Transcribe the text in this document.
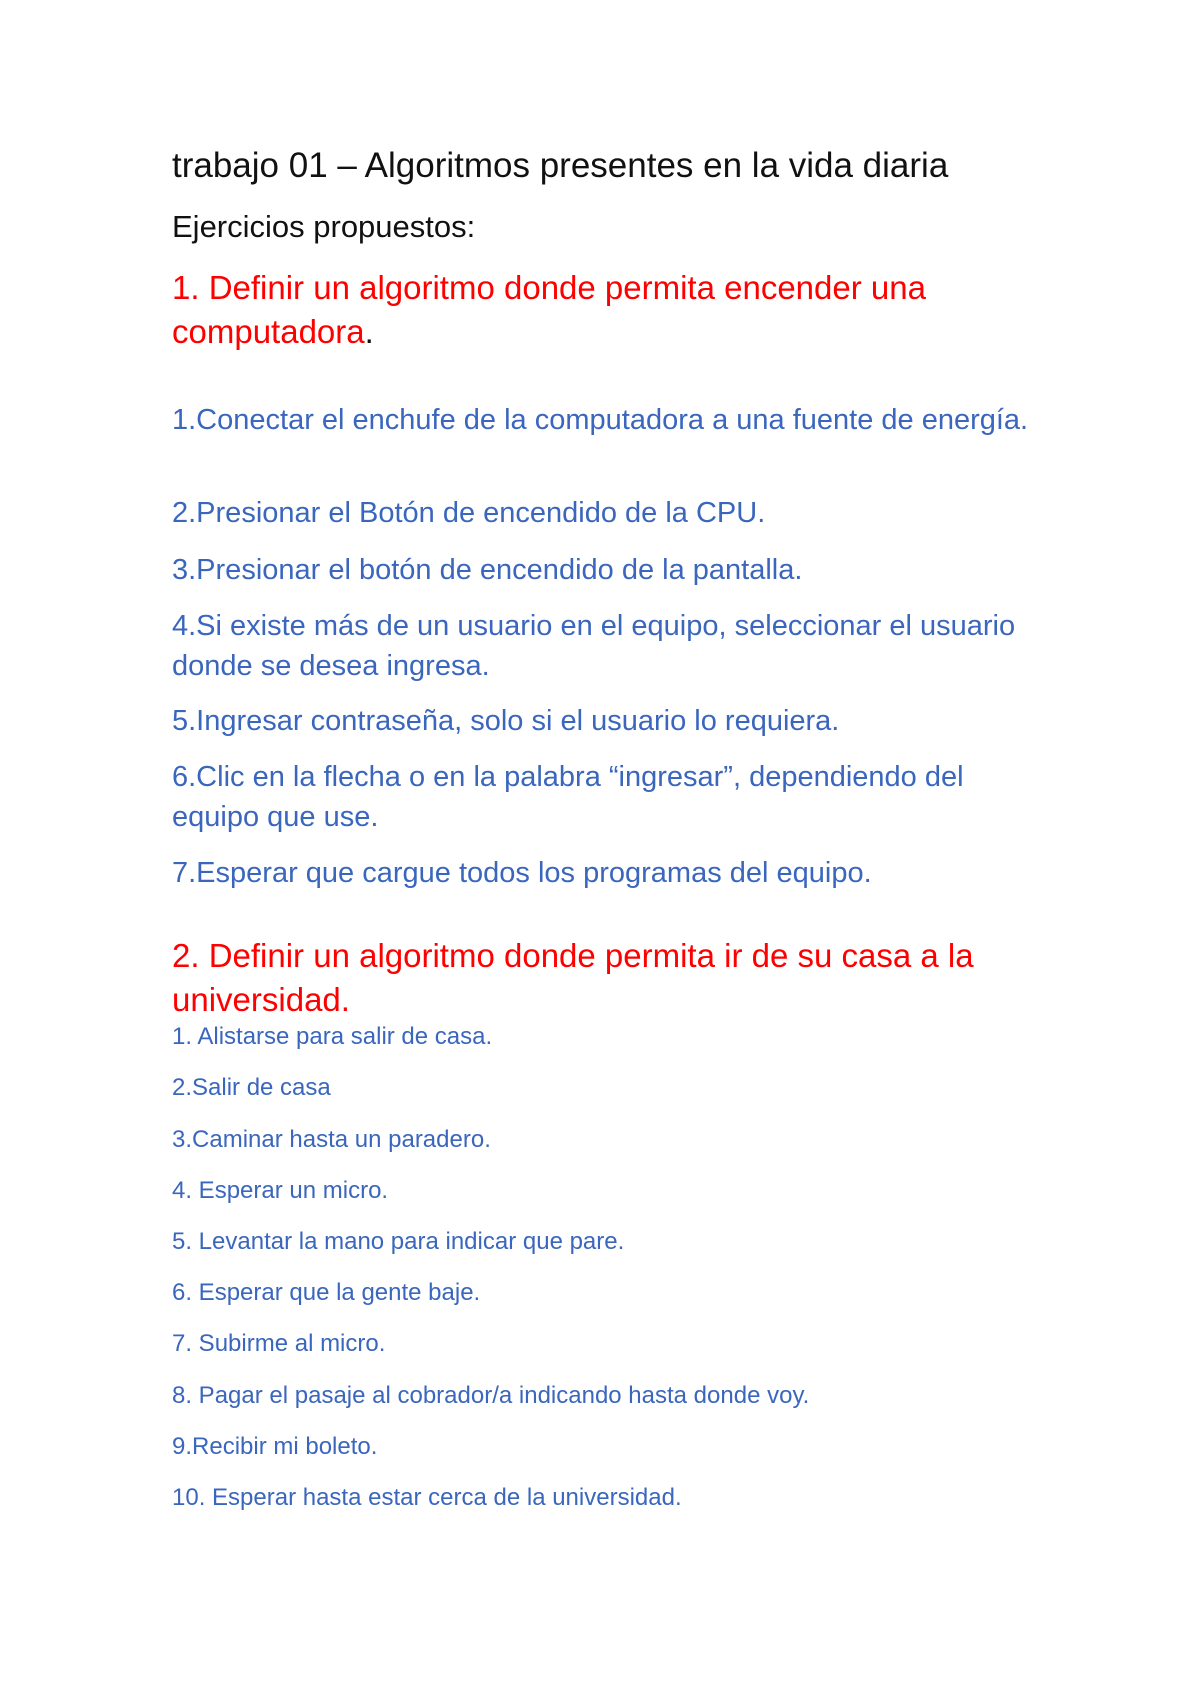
trabajo 01 – Algoritmos presentes en la vida diaria

Ejercicios propuestos:

1. Definir un algoritmo donde permita encender una computadora.

1.Conectar el enchufe de la computadora a una fuente de energía.

2.Presionar el Botón de encendido de la CPU.

3.Presionar el botón de encendido de la pantalla.

4.Si existe más de un usuario en el equipo, seleccionar el usuario donde se desea ingresa.

5.Ingresar contraseña, solo si el usuario lo requiera.

6.Clic en la flecha o en la palabra “ingresar”, dependiendo del equipo que use.

7.Esperar que cargue todos los programas del equipo.

2. Definir un algoritmo donde permita ir de su casa a la universidad.

1. Alistarse para salir de casa.

2.Salir de casa

3.Caminar hasta un paradero.

4. Esperar un micro.

5. Levantar la mano para indicar que pare.

6. Esperar que la gente baje.

7. Subirme al micro.

8. Pagar el pasaje al cobrador/a indicando hasta donde voy.

9.Recibir mi boleto.

10. Esperar hasta estar cerca de la universidad.
